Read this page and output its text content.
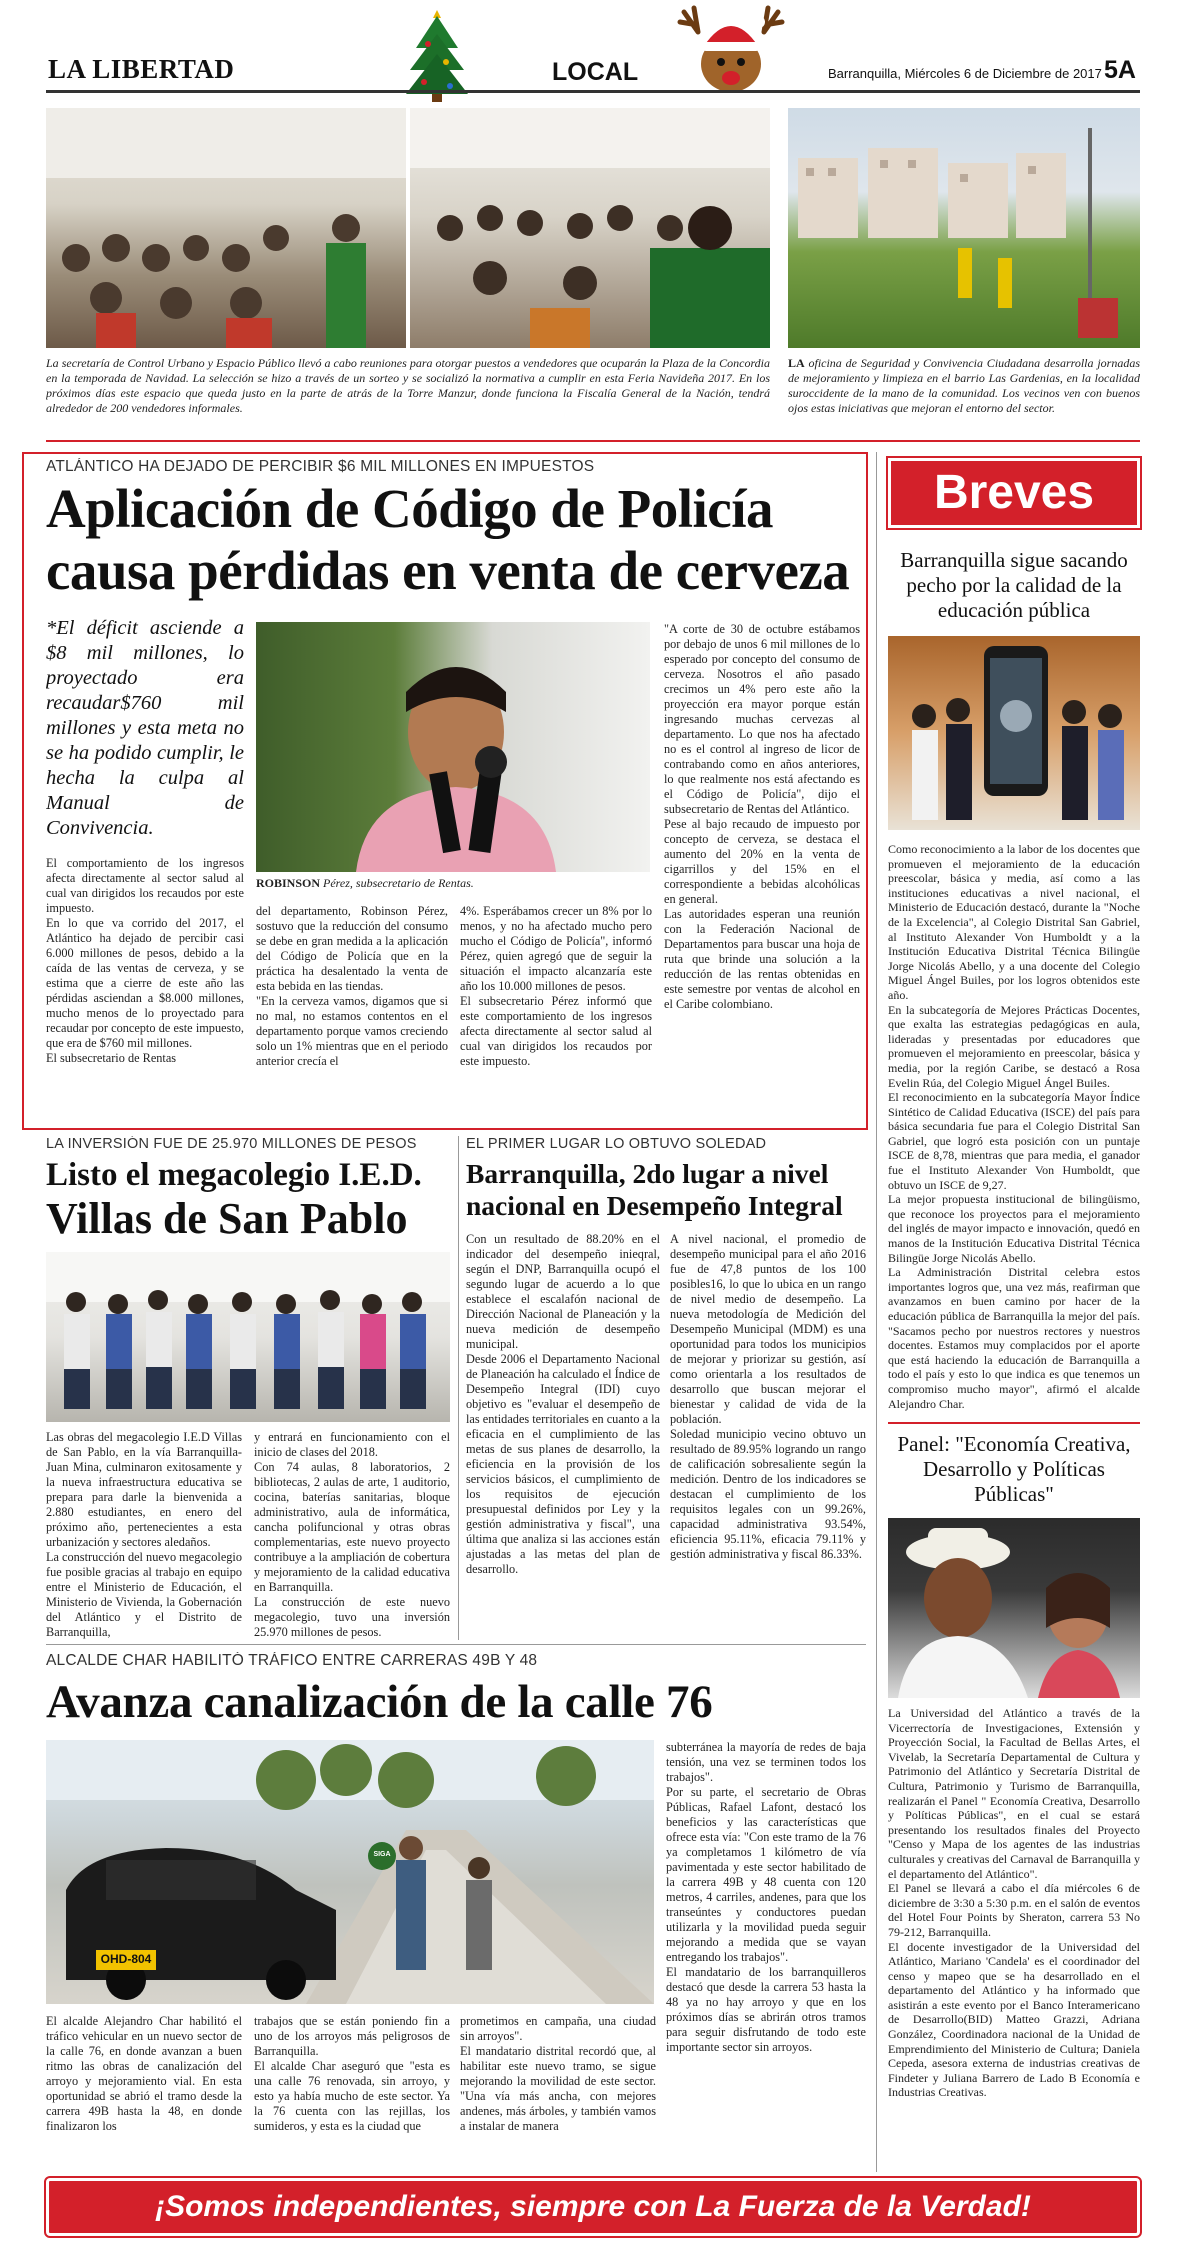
LA LIBERTAD	LOCAL	Barranquilla, Miércoles 6 de Diciembre de 2017 5A
La secretaría de Control Urbano y Espacio Público llevó a cabo reuniones para otorgar puestos a vendedores que ocuparán la Plaza de la Concordia en la temporada de Navidad. La selección se hizo a través de un sorteo y se socializó la normativa a cumplir en esta Feria Navideña 2017. En los próximos días este espacio que queda justo en la parte de atrás de la Torre Manzur, donde funciona la Fiscalía General de la Nación, tendrá alrededor de 200 vendedores informales.
LA oficina de Seguridad y Convivencia Ciudadana desarrolla jornadas de mejoramiento y limpieza en el barrio Las Gardenias, en la localidad suroccidente de la mano de la comunidad. Los vecinos ven con buenos ojos estas iniciativas que mejoran el entorno del sector.
ATLÁNTICO HA DEJADO DE PERCIBIR $6 MIL MILLONES EN IMPUESTOS
Aplicación de Código de Policía
causa pérdidas en venta de cerveza
*El déficit asciende a $8 mil millones, lo proyectado era recaudar$760 mil millones y esta meta no se ha podido cumplir, le hecha la culpa al Manual de Convivencia.
ROBINSON Pérez, subsecretario de Rentas.
El comportamiento de los ingresos afecta directamente al sector salud al cual van dirigidos los recaudos por este impuesto.
En lo que va corrido del 2017, el Atlántico ha dejado de percibir casi 6.000 millones de pesos, debido a la caída de las ventas de cerveza, y se estima que a cierre de este año las pérdidas asciendan a $8.000 millones, mucho menos de lo proyectado para recaudar por concepto de este impuesto, que era de $760 mil millones.
El subsecretario de Rentas
del departamento, Robinson Pérez, sostuvo que la reducción del consumo se debe en gran medida a la aplicación del Código de Policía que en la práctica ha desalentado la venta de esta bebida en las tiendas.
"En la cerveza vamos, digamos que si no mal, no estamos contentos en el departamento porque vamos creciendo solo un 1% mientras que en el periodo anterior crecía el
4%. Esperábamos crecer un 8% por lo menos, y no ha afectado mucho pero mucho el Código de Policía", informó Pérez, quien agregó que de seguir la situación el impacto alcanzaría este año los 10.000 millones de pesos.
El subsecretario Pérez informó que este comportamiento de los ingresos afecta directamente al sector salud al cual van dirigidos los recaudos por este impuesto.
"A corte de 30 de octubre estábamos por debajo de unos 6 mil millones de lo esperado por concepto del consumo de cerveza. Nosotros el año pasado crecimos un 4% pero este año la proyección era mayor porque están ingresando muchas cervezas al departamento. Lo que nos ha afectado no es el control al ingreso de licor de contrabando como en años anteriores, lo que realmente nos está afectando es el Código de Policía", dijo el subsecretario de Rentas del Atlántico.
Pese al bajo recaudo de impuesto por concepto de cerveza, se destaca el aumento del 20% en la venta de cigarrillos y del 15% en el correspondiente a bebidas alcohólicas en general.
Las autoridades esperan una reunión con la Federación Nacional de Departamentos para buscar una hoja de ruta que brinde una solución a la reducción de las rentas obtenidas en este semestre por ventas de alcohol en el Caribe colombiano.
LA INVERSIÓN FUE DE 25.970 MILLONES DE PESOS
Listo el megacolegio I.E.D.
Villas de San Pablo
Las obras del megacolegio I.E.D Villas de San Pablo, en la vía Barranquilla-Juan Mina, culminaron exitosamente y la nueva infraestructura educativa se prepara para darle la bienvenida a 2.880 estudiantes, en enero del próximo año, pertenecientes a esta urbanización y sectores aledaños.
La construcción del nuevo megacolegio fue posible gracias al trabajo en equipo entre el Ministerio de Educación, el Ministerio de Vivienda, la Gobernación del Atlántico y el Distrito de Barranquilla,
y entrará en funcionamiento con el inicio de clases del 2018.
Con 74 aulas, 8 laboratorios, 2 bibliotecas, 2 aulas de arte, 1 auditorio, cocina, baterías sanitarias, bloque administrativo, aula de informática, cancha polifuncional y otras obras complementarias, este nuevo proyecto contribuye a la ampliación de cobertura y mejoramiento de la calidad educativa en Barranquilla.
La construcción de este nuevo megacolegio, tuvo una inversión 25.970 millones de pesos.
EL PRIMER LUGAR LO OBTUVO SOLEDAD
Barranquilla, 2do lugar a nivel
nacional en Desempeño Integral
Con un resultado de 88.20% en el indicador del desempeño inieqral, según el DNP, Barranquilla ocupó el segundo lugar de acuerdo a lo que establece el escalafón nacional de Dirección Nacional de Planeación y la nueva medición de desempeño municipal.
Desde 2006 el Departamento Nacional de Planeación ha calculado el Índice de Desempeño Integral (IDI) cuyo objetivo es "evaluar el desempeño de las entidades territoriales en cuanto a la eficacia en el cumplimiento de las metas de sus planes de desarrollo, la eficiencia en la provisión de los servicios básicos, el cumplimiento de los requisitos de ejecución presupuestal definidos por Ley y la gestión administrativa y fiscal", una última que analiza si las acciones están ajustadas a las metas del plan de desarrollo.
A nivel nacional, el promedio de desempeño municipal para el año 2016 fue de 47,8 puntos de los 100 posibles16, lo que lo ubica en un rango de nivel medio de desempeño. La nueva metodología de Medición del Desempeño Municipal (MDM) es una oportunidad para todos los municipios de mejorar y priorizar su gestión, así como orientarla a los resultados de desarrollo que buscan mejorar el bienestar y calidad de vida de la población.
Soledad municipio vecino obtuvo un resultado de 89.95% logrando un rango de calificación sobresaliente según la medición. Dentro de los indicadores se destacan el cumplimiento de los requisitos legales con un 99.26%, capacidad administrativa 93.54%, eficiencia 95.11%, eficacia 79.11% y gestión administrativa y fiscal 86.33%.
ALCALDE CHAR HABILITÓ TRÁFICO ENTRE CARRERAS 49B Y 48
Avanza canalización de la calle 76
OHD-804
SIGA
El alcalde Alejandro Char habilitó el tráfico vehicular en un nuevo sector de la calle 76, en donde avanzan a buen ritmo las obras de canalización del arroyo y mejoramiento vial. En esta oportunidad se abrió el tramo desde la carrera 49B hasta la 48, en donde finalizaron los
trabajos que se están poniendo fin a uno de los arroyos más peligrosos de Barranquilla.
El alcalde Char aseguró que "esta es una calle 76 renovada, sin arroyo, y esto ya había mucho de este sector. Ya la 76 cuenta con las rejillas, los sumideros, y esta es la ciudad que
prometimos en campaña, una ciudad sin arroyos".
El mandatario distrital recordó que, al habilitar este nuevo tramo, se sigue mejorando la movilidad de este sector. "Una vía más ancha, con mejores andenes, más árboles, y también vamos a instalar de manera
subterránea la mayoría de redes de baja tensión, una vez se terminen todos los trabajos".
Por su parte, el secretario de Obras Públicas, Rafael Lafont, destacó los beneficios y las características que ofrece esta vía: "Con este tramo de la 76 ya completamos 1 kilómetro de vía pavimentada y este sector habilitado de la carrera 49B y 48 cuenta con 120 metros, 4 carriles, andenes, para que los transeúntes y conductores puedan utilizarla y la movilidad pueda seguir mejorando a medida que se vayan entregando los trabajos".
El mandatario de los barranquilleros destacó que desde la carrera 53 hasta la 48 ya no hay arroyo y que en los próximos días se abrirán otros tramos para seguir disfrutando de todo este importante sector sin arroyos.
Breves
Barranquilla sigue sacando pecho por la calidad de la educación pública
Como reconocimiento a la labor de los docentes que promueven el mejoramiento de la educación preescolar, básica y media, así como a las instituciones educativas a nivel nacional, el Ministerio de Educación destacó, durante la "Noche de la Excelencia", al Colegio Distrital San Gabriel, al Instituto Alexander Von Humboldt y a la Institución Educativa Distrital Técnica Bilingüe Jorge Nicolás Abello, y a una docente del Colegio Miguel Ángel Builes, por los logros obtenidos este año.
En la subcategoría de Mejores Prácticas Docentes, que exalta las estrategias pedagógicas en aula, lideradas y presentadas por educadores que promueven el mejoramiento en preescolar, básica y media, por la región Caribe, se destacó a Rosa Evelin Rúa, del Colegio Miguel Ángel Builes.
El reconocimiento en la subcategoría Mayor Índice Sintético de Calidad Educativa (ISCE) del país para básica secundaria fue para el Colegio Distrital San Gabriel, que logró esta posición con un puntaje ISCE de 8,78, mientras que para media, el ganador fue el Instituto Alexander Von Humboldt, que obtuvo un ISCE de 9,27.
La mejor propuesta institucional de bilingüismo, que reconoce los proyectos para el mejoramiento del inglés de mayor impacto e innovación, quedó en manos de la Institución Educativa Distrital Técnica Bilingüe Jorge Nicolás Abello.
La Administración Distrital celebra estos importantes logros que, una vez más, reafirman que avanzamos en buen camino por hacer de la educación pública de Barranquilla la mejor del país. "Sacamos pecho por nuestros rectores y nuestros docentes. Estamos muy complacidos por el aporte que está haciendo la educación de Barranquilla a todo el país y esto lo que indica es que tenemos un compromiso mucho mayor", afirmó el alcalde Alejandro Char.
Panel: "Economía Creativa, Desarrollo y Políticas Públicas"
La Universidad del Atlántico a través de la Vicerrectoría de Investigaciones, Extensión y Proyección Social, la Facultad de Bellas Artes, el Vivelab, la Secretaría Departamental de Cultura y Patrimonio del Atlántico y Secretaría Distrital de Cultura, Patrimonio y Turismo de Barranquilla, realizarán el Panel " Economía Creativa, Desarrollo y Políticas Públicas", en el cual se estará presentando los resultados finales del Proyecto "Censo y Mapa de los agentes de las industrias culturales y creativas del Carnaval de Barranquilla y el departamento del Atlántico".
El Panel se llevará a cabo el día miércoles 6 de diciembre de 3:30 a 5:30 p.m. en el salón de eventos del Hotel Four Points by Sheraton, carrera 53 No 79-212, Barranquilla.
El docente investigador de la Universidad del Atlántico, Mariano 'Candela' es el coordinador del censo y mapeo que se ha desarrollado en el departamento del Atlántico y ha informado que asistirán a este evento por el Banco Interamericano de Desarrollo(BID) Matteo Grazzi, Adriana González, Coordinadora nacional de la Unidad de Emprendimiento del Ministerio de Cultura; Daniela Cepeda, asesora externa de industrias creativas de Findeter y Juliana Barrero de Lado B Economía e Industrias Creativas.
¡Somos independientes, siempre con La Fuerza de la Verdad!
